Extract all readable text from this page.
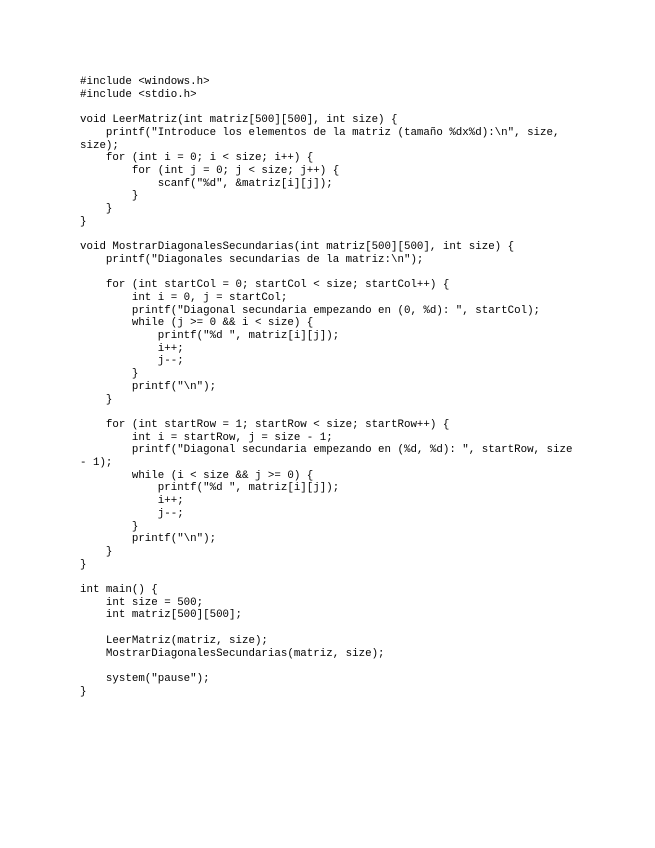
#include <windows.h>
#include <stdio.h>
void LeerMatriz(int matriz[500][500], int size) {
printf("Introduce los elementos de la matriz (tamaño %dx%d):\n", size, size);
for (int i = 0; i < size; i++) {
for (int j = 0; j < size; j++) {
scanf("%d", &matriz[i][j]);
}
}
}
void MostrarDiagonalesSecundarias(int matriz[500][500], int size) {
printf("Diagonales secundarias de la matriz:\n");
for (int startCol = 0; startCol < size; startCol++) {
int i = 0, j = startCol;
printf("Diagonal secundaria empezando en (0, %d): ", startCol);
while (j >= 0 && i < size) {
printf("%d ", matriz[i][j]);
i++;
j--;
}
printf("\n");
}
for (int startRow = 1; startRow < size; startRow++) {
int i = startRow, j = size - 1;
printf("Diagonal secundaria empezando en (%d, %d): ", startRow, size - 1);
while (i < size && j >= 0) {
printf("%d ", matriz[i][j]);
i++;
j--;
}
printf("\n");
}
}
int main() {
int size = 500;
int matriz[500][500];
LeerMatriz(matriz, size);
MostrarDiagonalesSecundarias(matriz, size);
system("pause");
}
